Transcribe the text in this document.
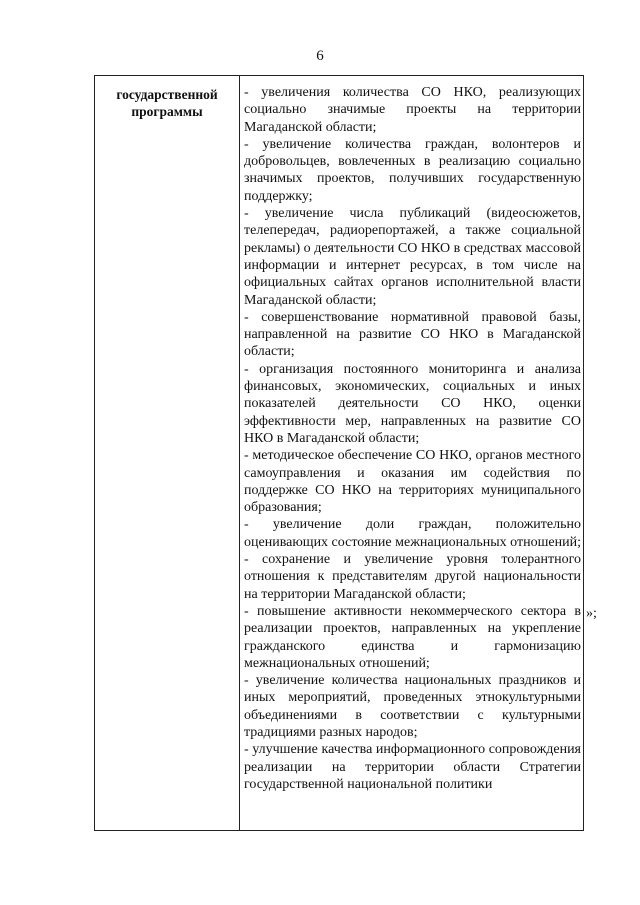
6
государственной
программы

- увеличения количества СО НКО, реализующих социально значимые проекты на территории Магаданской области;

- увеличение количества граждан, волонтеров и добровольцев, вовлеченных в реализацию социально значимых проектов, получивших государственную поддержку;

- увеличение числа публикаций (видеосюжетов, телепередач, радиорепортажей, а также социальной рекламы) о деятельности СО НКО в средствах массовой информации и интернет ресурсах, в том числе на официальных сайтах органов исполнительной власти Магаданской области;

- совершенствование нормативной правовой базы, направленной на развитие СО НКО в Магаданской области;

- организация постоянного мониторинга и анализа финансовых, экономических, социальных и иных показателей деятельности СО НКО, оценки эффективности мер, направленных на развитие СО НКО в Магаданской области;

- методическое обеспечение СО НКО, органов местного самоуправления и оказания им содействия по поддержке СО НКО на территориях муниципального образования;

- увеличение доли граждан, положительно оценивающих состояние межнациональных отношений;

- сохранение и увеличение уровня толерантного отношения к представителям другой национальности на территории Магаданской области;

- повышение активности некоммерческого сектора в реализации проектов, направленных на укрепление гражданского единства и гармонизацию межнациональных отношений;

- увеличение количества национальных праздников и иных мероприятий, проведенных этнокультурными объединениями в соответствии с культурными традициями разных народов;

- улучшение качества информационного сопровождения реализации на территории области Стратегии государственной национальной политики

»;
